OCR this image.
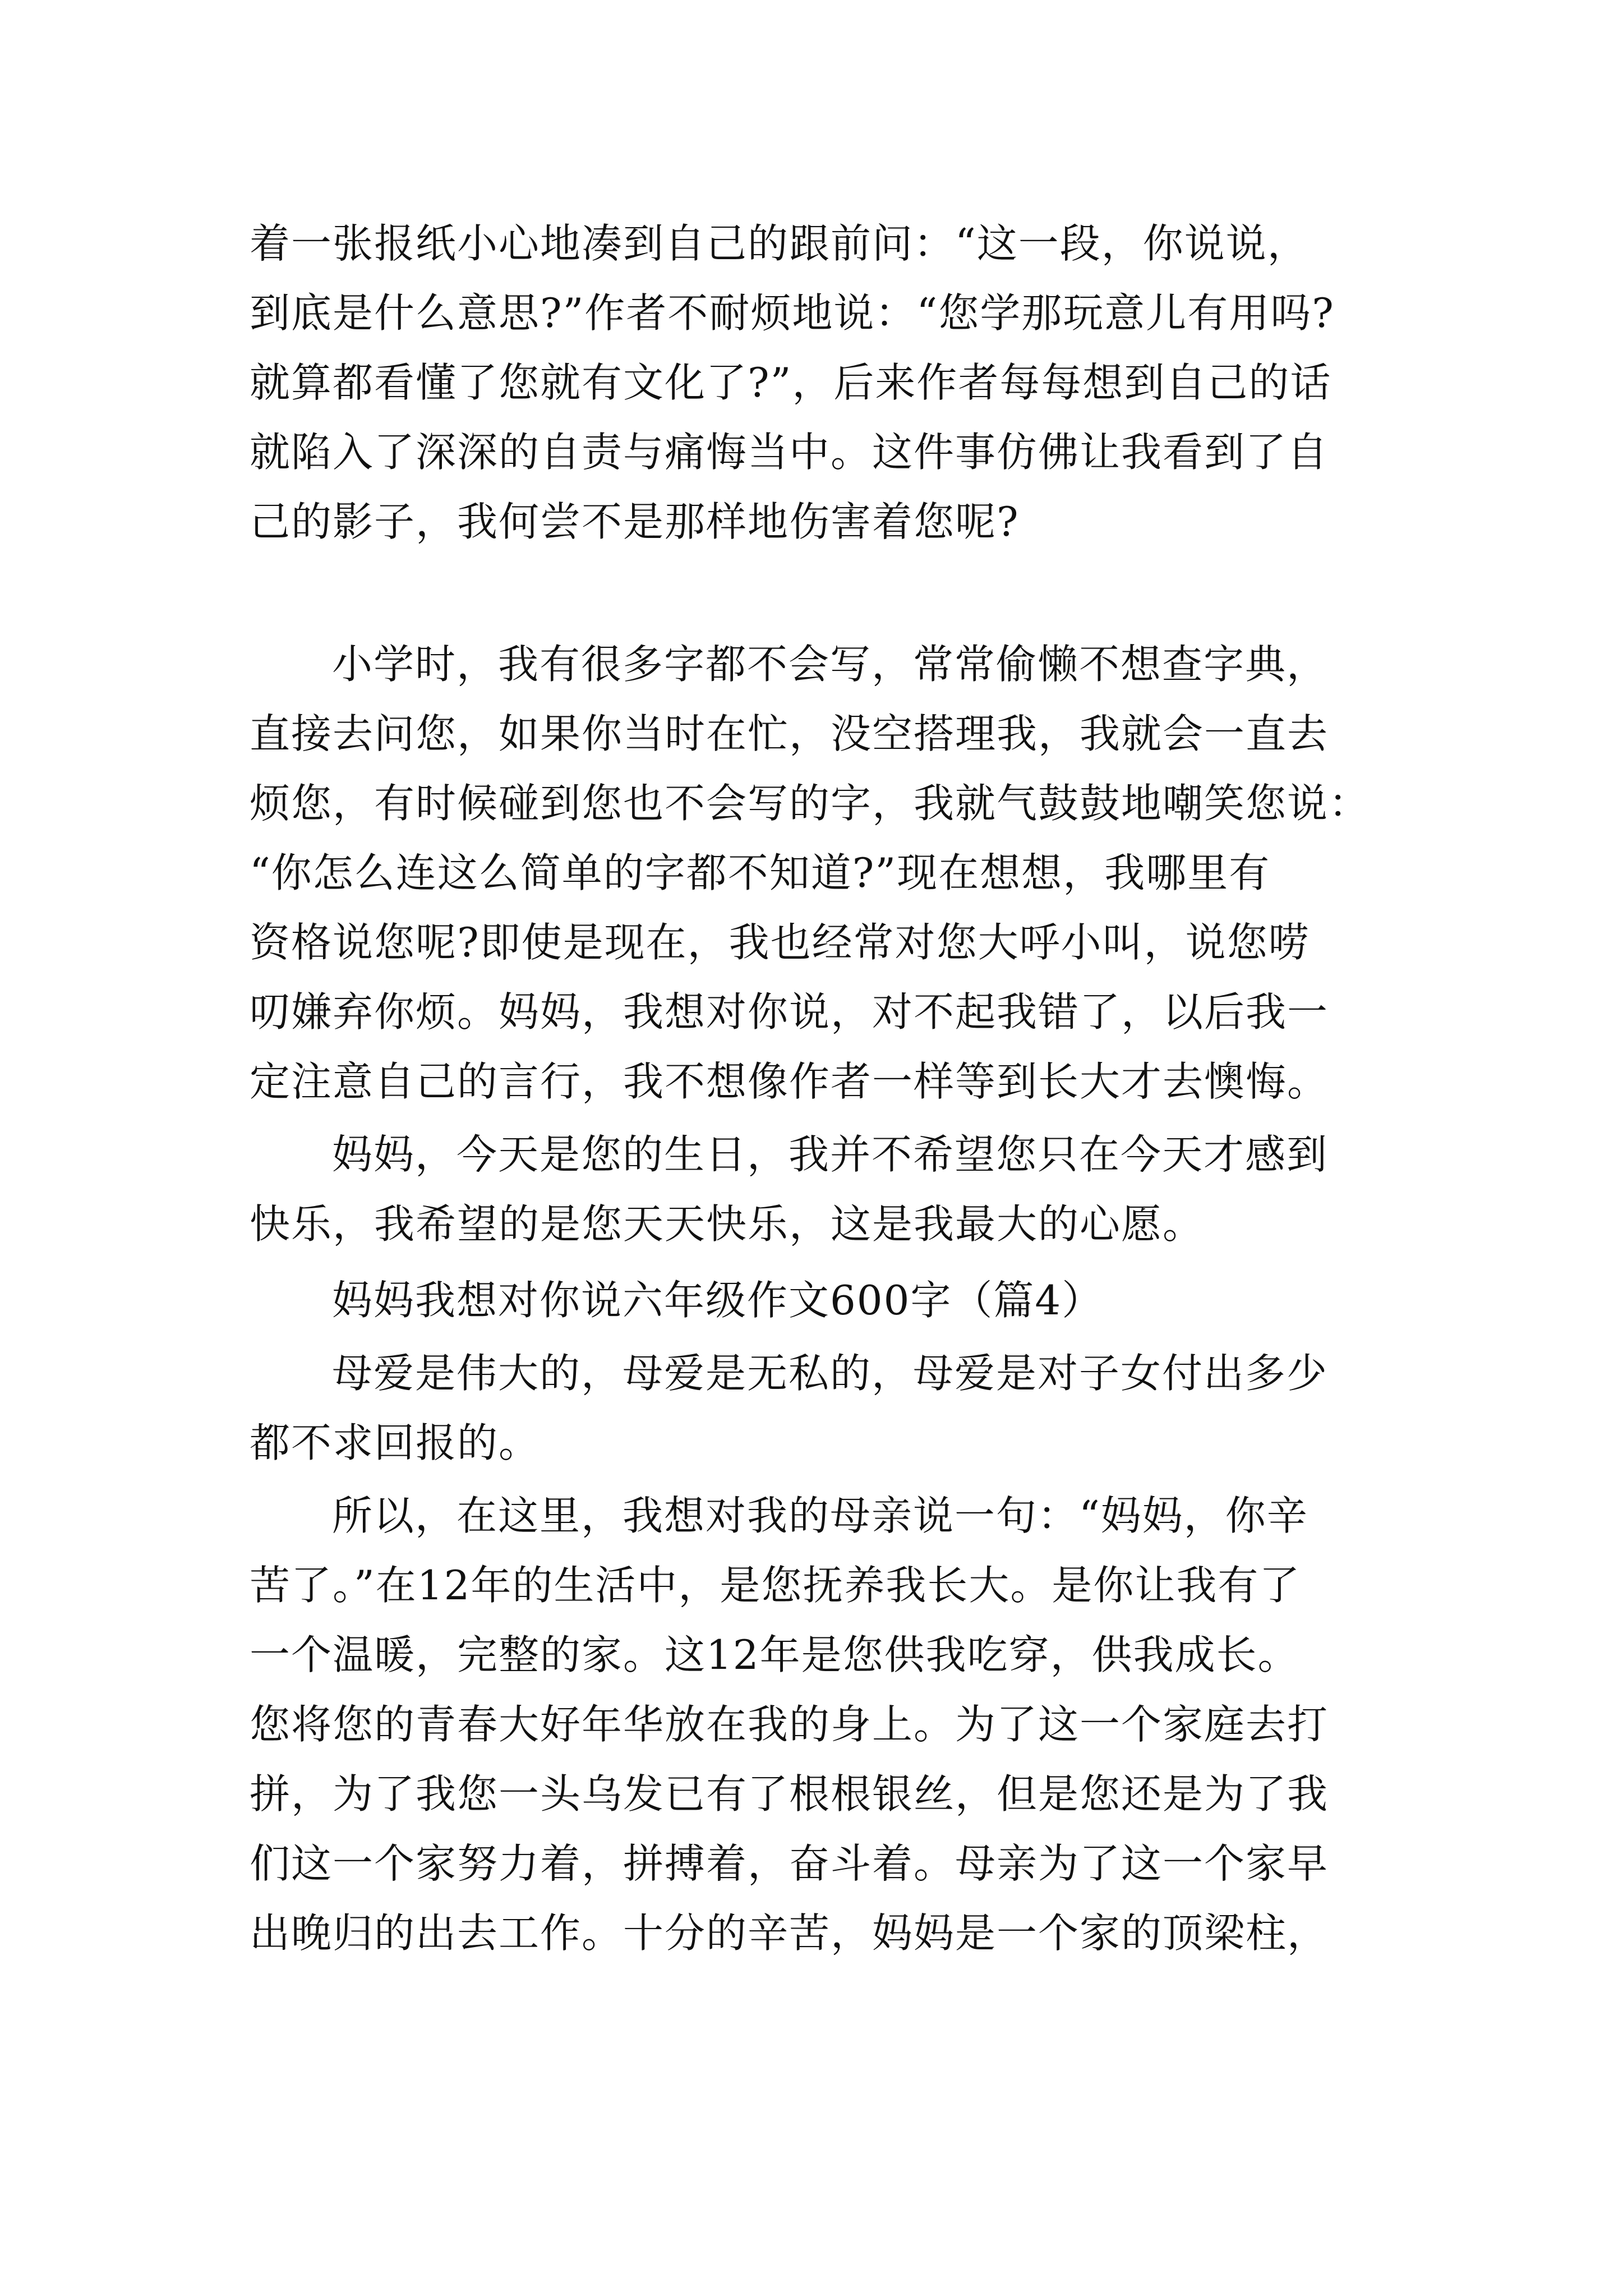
着一张报纸小心地凑到自己的跟前问：“这一段，你说说，
到底是什么意思?”作者不耐烦地说：“您学那玩意儿有用吗?
就算都看懂了您就有文化了?”，后来作者每每想到自己的话
就陷入了深深的自责与痛悔当中。这件事仿佛让我看到了自
己的影子，我何尝不是那样地伤害着您呢?
小学时，我有很多字都不会写，常常偷懒不想查字典，
直接去问您，如果你当时在忙，没空搭理我，我就会一直去
烦您，有时候碰到您也不会写的字，我就气鼓鼓地嘲笑您说：
“你怎么连这么简单的字都不知道?”现在想想，我哪里有
资格说您呢?即使是现在，我也经常对您大呼小叫，说您唠
叨嫌弃你烦。妈妈，我想对你说，对不起我错了，以后我一
定注意自己的言行，我不想像作者一样等到长大才去懊悔。
妈妈，今天是您的生日，我并不希望您只在今天才感到
快乐，我希望的是您天天快乐，这是我最大的心愿。
妈妈我想对你说六年级作文600字（篇4）
母爱是伟大的，母爱是无私的，母爱是对子女付出多少
都不求回报的。
所以，在这里，我想对我的母亲说一句：“妈妈，你辛
苦了。”在12年的生活中，是您抚养我长大。是你让我有了
一个温暖，完整的家。这12年是您供我吃穿，供我成长。
您将您的青春大好年华放在我的身上。为了这一个家庭去打
拼，为了我您一头乌发已有了根根银丝，但是您还是为了我
们这一个家努力着，拼搏着，奋斗着。母亲为了这一个家早
出晚归的出去工作。十分的辛苦，妈妈是一个家的顶梁柱，
